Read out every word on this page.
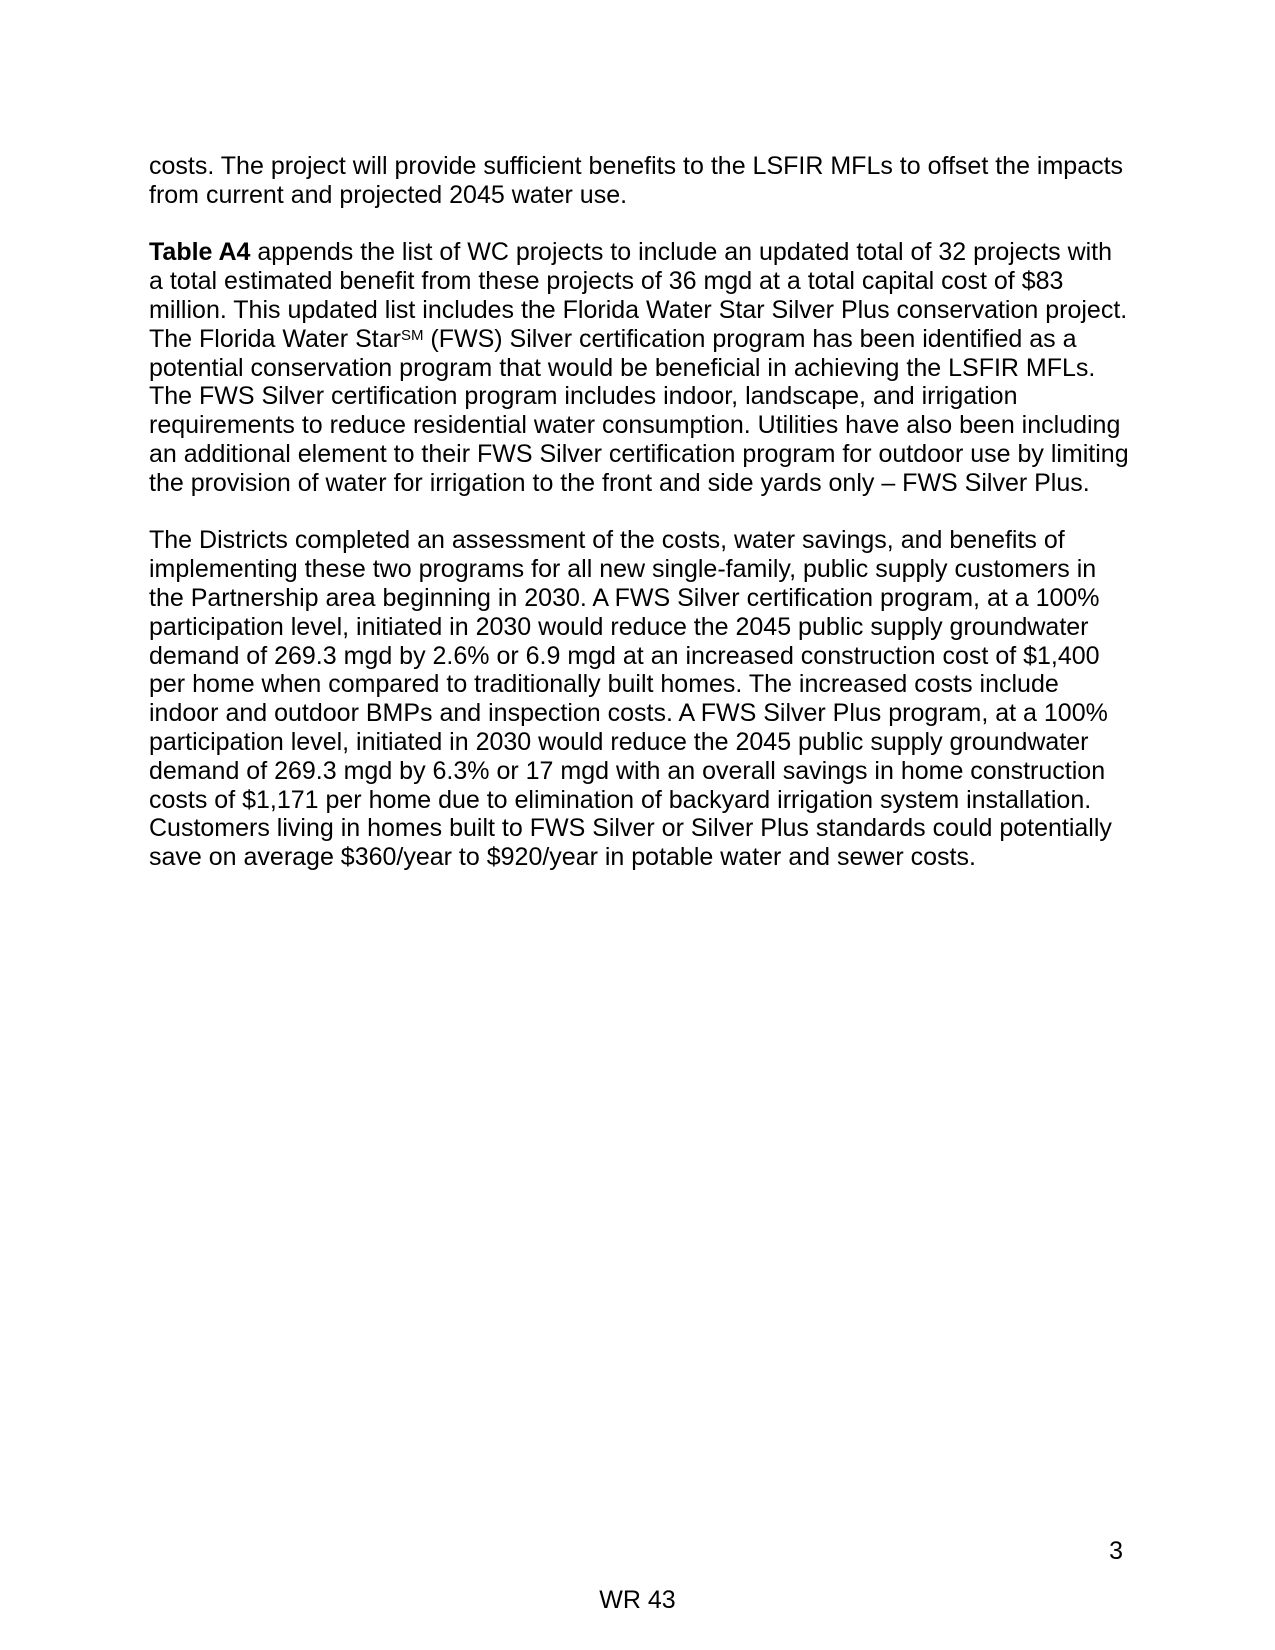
costs. The project will provide sufficient benefits to the LSFIR MFLs to offset the impacts from current and projected 2045 water use.

Table A4 appends the list of WC projects to include an updated total of 32 projects with a total estimated benefit from these projects of 36 mgd at a total capital cost of $83 million. This updated list includes the Florida Water Star Silver Plus conservation project. The Florida Water Star℠ (FWS) Silver certification program has been identified as a potential conservation program that would be beneficial in achieving the LSFIR MFLs. The FWS Silver certification program includes indoor, landscape, and irrigation requirements to reduce residential water consumption. Utilities have also been including an additional element to their FWS Silver certification program for outdoor use by limiting the provision of water for irrigation to the front and side yards only – FWS Silver Plus.

The Districts completed an assessment of the costs, water savings, and benefits of implementing these two programs for all new single-family, public supply customers in the Partnership area beginning in 2030. A FWS Silver certification program, at a 100% participation level, initiated in 2030 would reduce the 2045 public supply groundwater demand of 269.3 mgd by 2.6% or 6.9 mgd at an increased construction cost of $1,400 per home when compared to traditionally built homes. The increased costs include indoor and outdoor BMPs and inspection costs. A FWS Silver Plus program, at a 100% participation level, initiated in 2030 would reduce the 2045 public supply groundwater demand of 269.3 mgd by 6.3% or 17 mgd with an overall savings in home construction costs of $1,171 per home due to elimination of backyard irrigation system installation. Customers living in homes built to FWS Silver or Silver Plus standards could potentially save on average $360/year to $920/year in potable water and sewer costs.

3
WR 43
